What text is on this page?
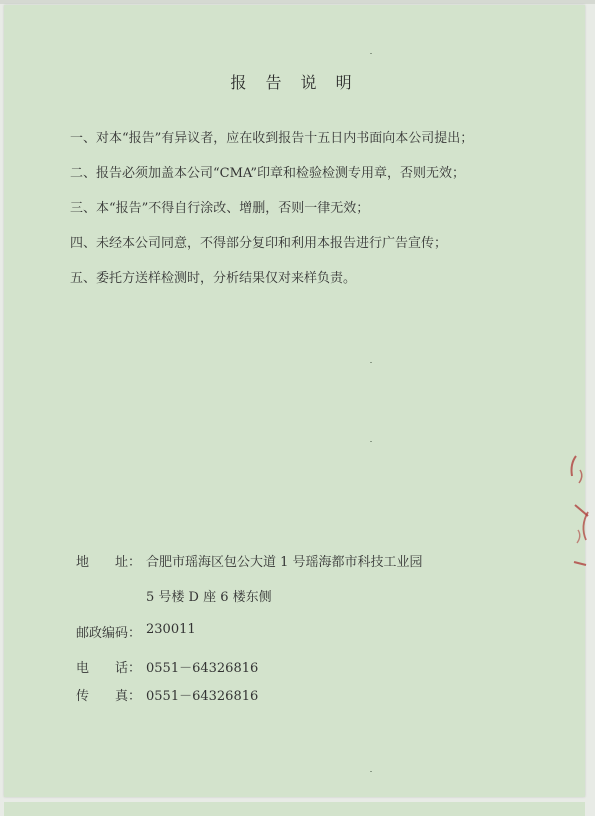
报 告 说 明
一、对本“报告”有异议者，应在收到报告十五日内书面向本公司提出；
二、报告必须加盖本公司“CMA”印章和检验检测专用章，否则无效；
三、本“报告”不得自行涂改、增删，否则一律无效；
四、未经本公司同意，不得部分复印和利用本报告进行广告宣传；
五、委托方送样检测时，分析结果仅对来样负责。
地　　址： 合肥市瑶海区包公大道 1 号瑶海都市科技工业园
5 号楼 D 座 6 楼东侧
邮政编码： 230011
电　　话： 0551－64326816
传　　真： 0551－64326816
